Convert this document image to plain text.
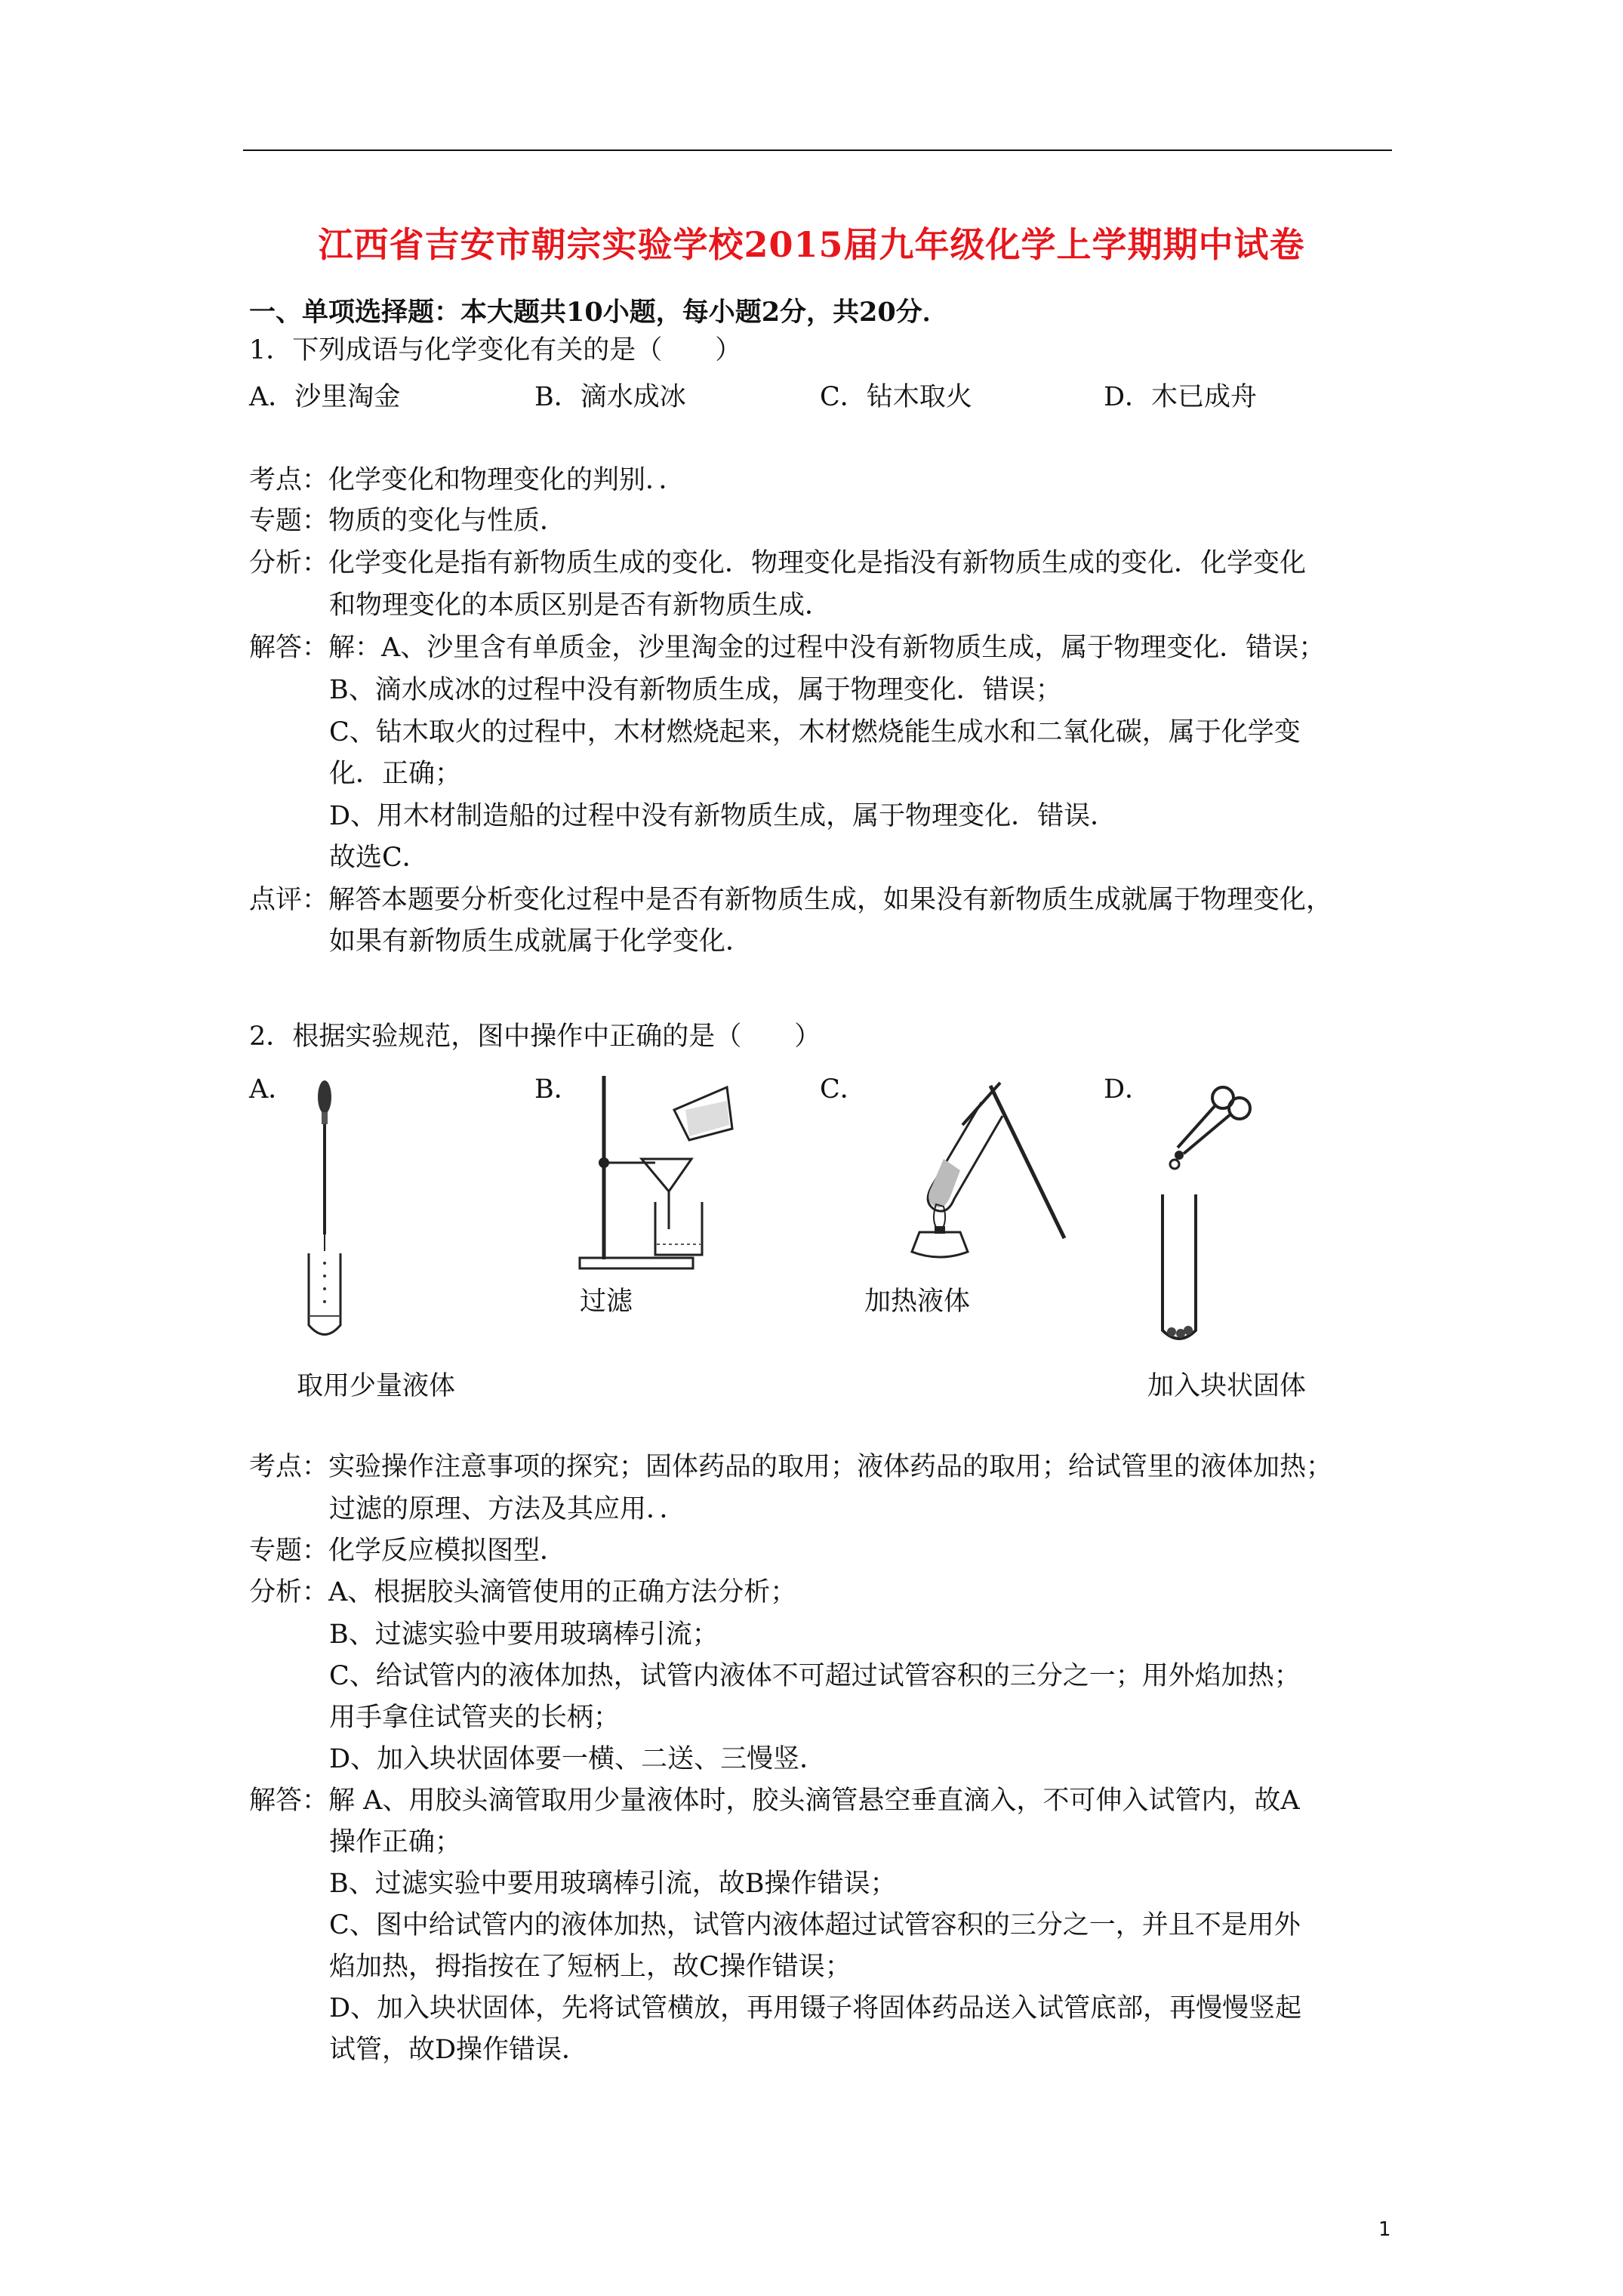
江西省吉安市朝宗实验学校2015届九年级化学上学期期中试卷
一、单项选择题：本大题共10小题，每小题2分，共20分．
1．下列成语与化学变化有关的是（　　）
A．沙里淘金	B．滴水成冰	C．钻木取火	D．木已成舟
考点：化学变化和物理变化的判别．．
专题：物质的变化与性质．
分析：化学变化是指有新物质生成的变化．物理变化是指没有新物质生成的变化．化学变化
和物理变化的本质区别是否有新物质生成．
解答：解：A、沙里含有单质金，沙里淘金的过程中没有新物质生成，属于物理变化．错误；
B、滴水成冰的过程中没有新物质生成，属于物理变化．错误；
C、钻木取火的过程中，木材燃烧起来，木材燃烧能生成水和二氧化碳，属于化学变
化．正确；
D、用木材制造船的过程中没有新物质生成，属于物理变化．错误．
故选C．
点评：解答本题要分析变化过程中是否有新物质生成，如果没有新物质生成就属于物理变化，
如果有新物质生成就属于化学变化．
2．根据实验规范，图中操作中正确的是（　　）
A．	B．	C．	D．
取用少量液体
过滤	加热液体
加入块状固体
考点：实验操作注意事项的探究；固体药品的取用；液体药品的取用；给试管里的液体加热；
过滤的原理、方法及其应用．．
专题：化学反应模拟图型．
分析：A、根据胶头滴管使用的正确方法分析；
B、过滤实验中要用玻璃棒引流；
C、给试管内的液体加热，试管内液体不可超过试管容积的三分之一；用外焰加热；
用手拿住试管夹的长柄；
D、加入块状固体要一横、二送、三慢竖．
解答：解 A、用胶头滴管取用少量液体时，胶头滴管悬空垂直滴入，不可伸入试管内，故A
操作正确；
B、过滤实验中要用玻璃棒引流，故B操作错误；
C、图中给试管内的液体加热，试管内液体超过试管容积的三分之一，并且不是用外
焰加热，拇指按在了短柄上，故C操作错误；
D、加入块状固体，先将试管横放，再用镊子将固体药品送入试管底部，再慢慢竖起
试管，故D操作错误．
1
